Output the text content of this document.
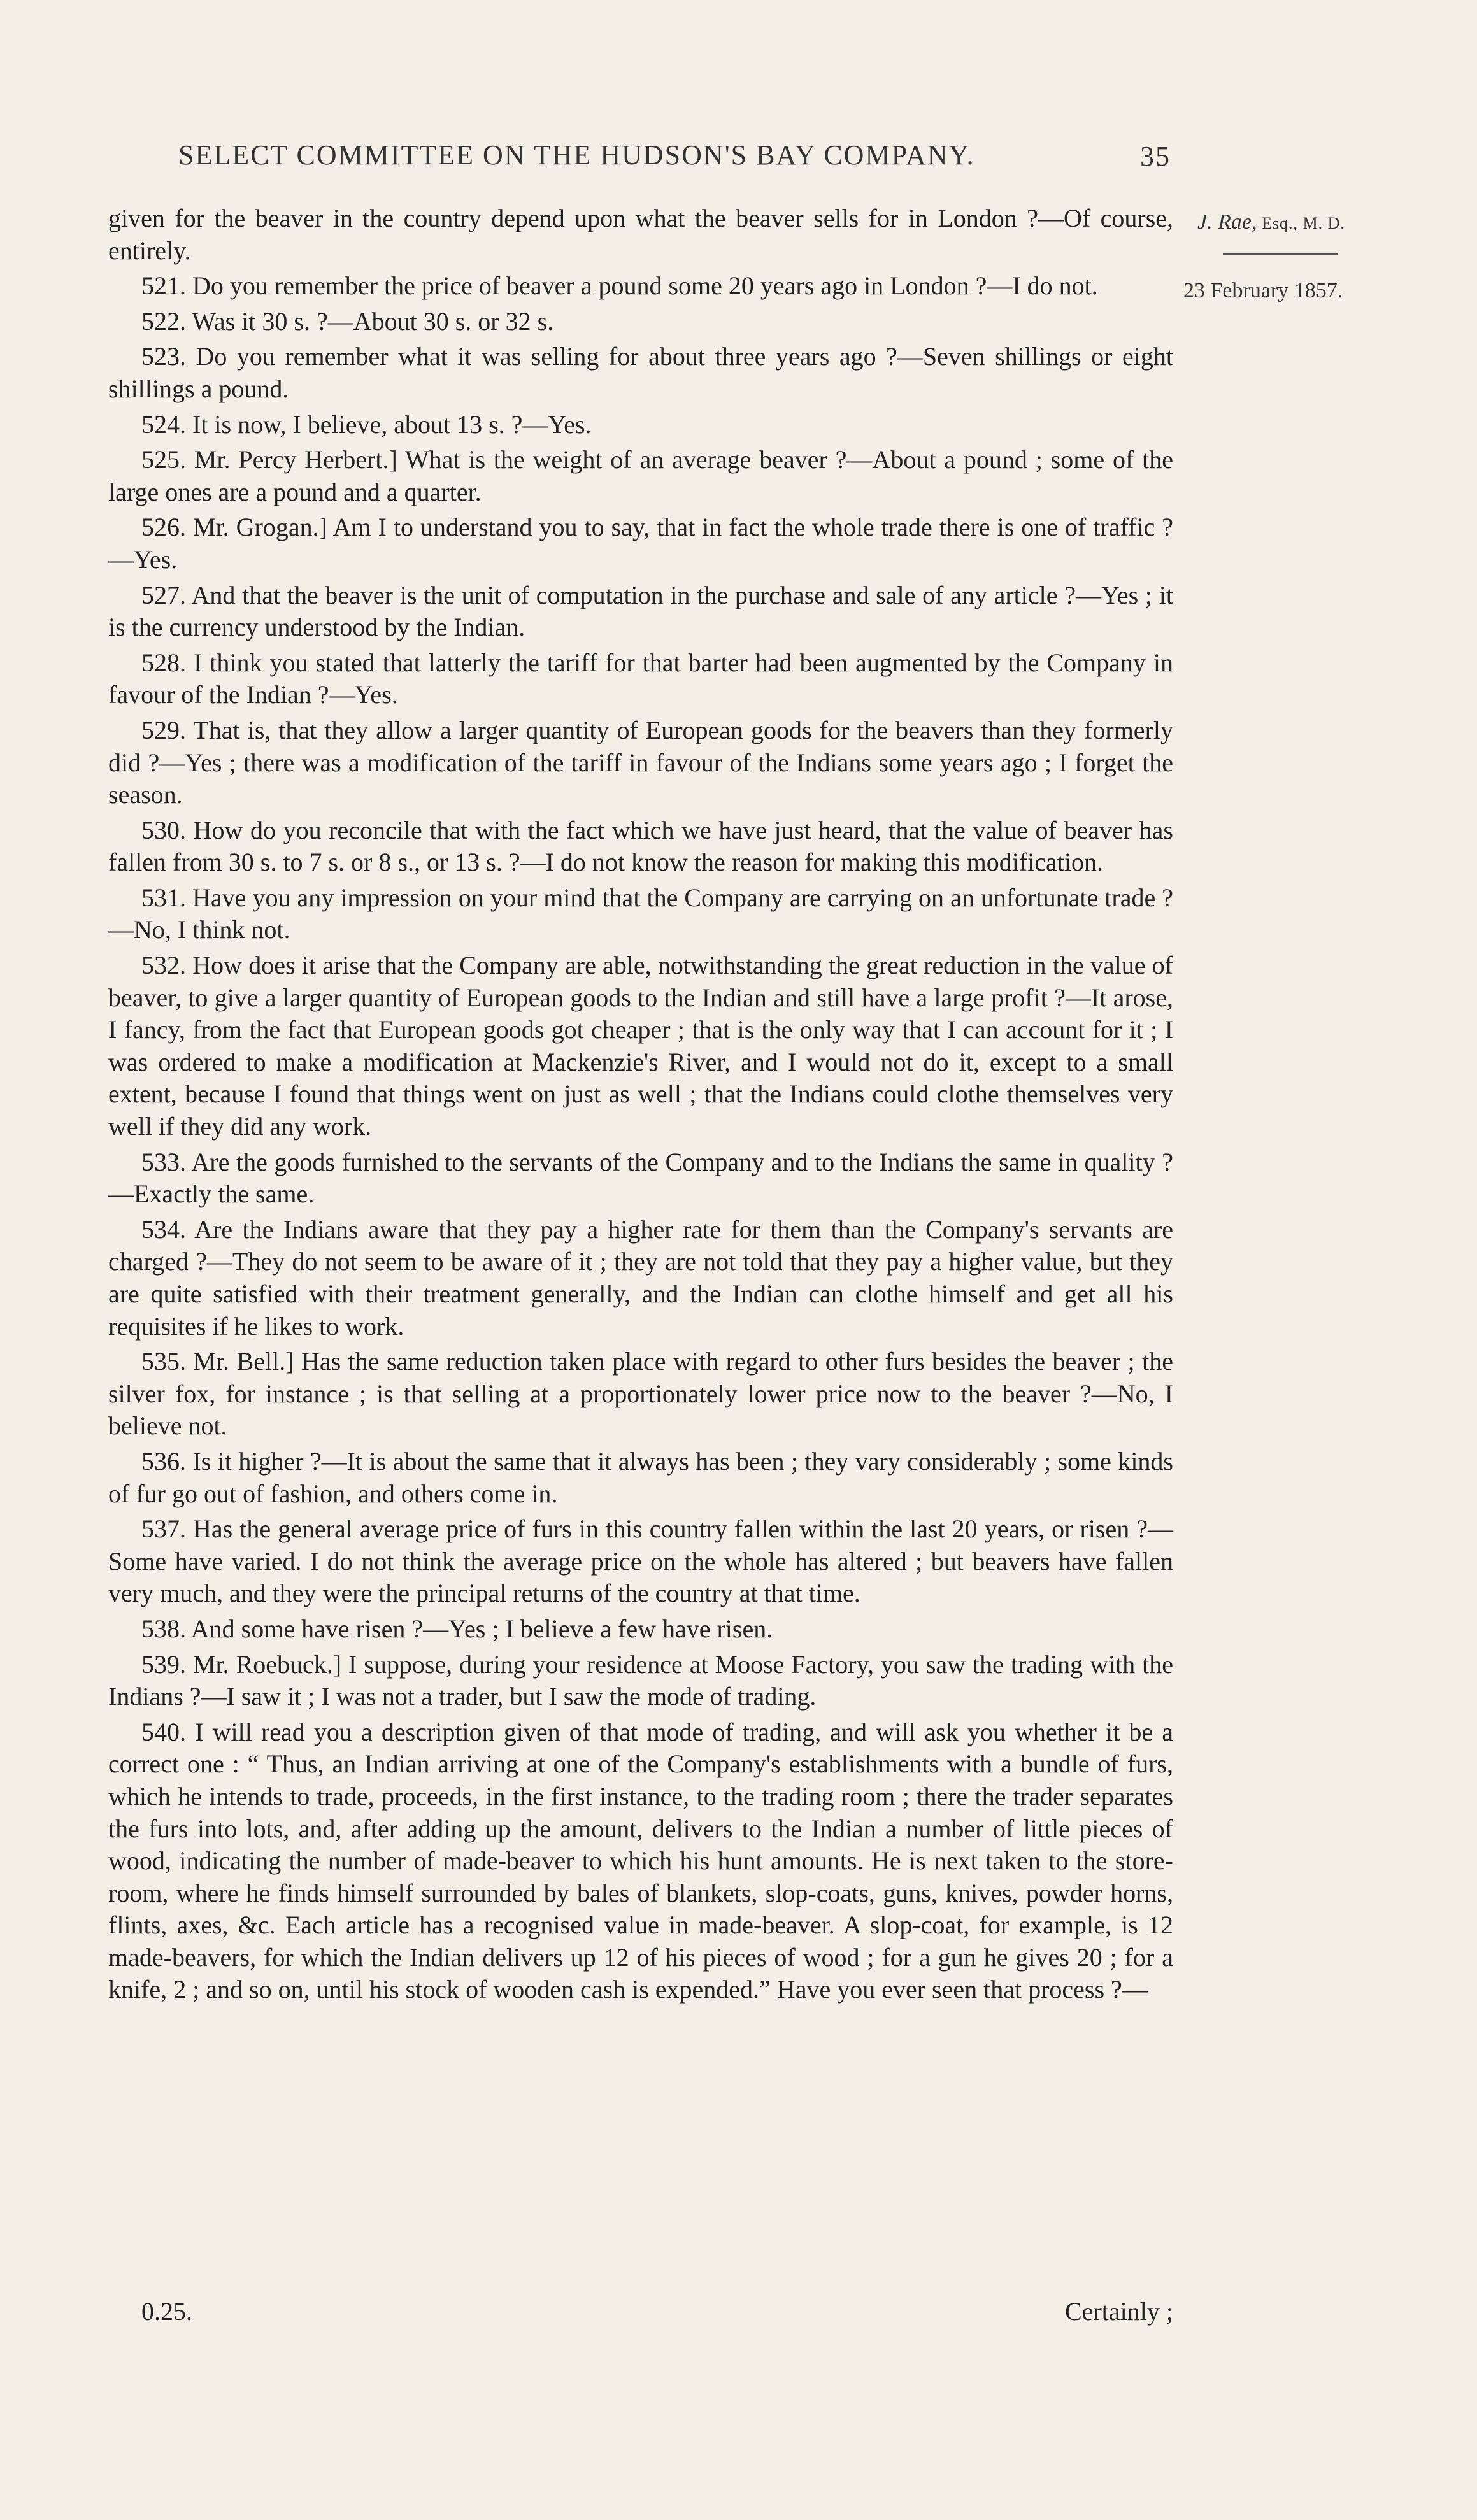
SELECT COMMITTEE ON THE HUDSON'S BAY COMPANY.	35
J. Rae, Esq., M. D.
23 February 1857.

given for the beaver in the country depend upon what the beaver sells for in London ?—Of course, entirely.

521. Do you remember the price of beaver a pound some 20 years ago in London ?—I do not.

522. Was it 30 s. ?—About 30 s. or 32 s.

523. Do you remember what it was selling for about three years ago ?—Seven shillings or eight shillings a pound.

524. It is now, I believe, about 13 s. ?—Yes.

525. Mr. Percy Herbert.] What is the weight of an average beaver ?—About a pound ; some of the large ones are a pound and a quarter.

526. Mr. Grogan.] Am I to understand you to say, that in fact the whole trade there is one of traffic ?—Yes.

527. And that the beaver is the unit of computation in the purchase and sale of any article ?—Yes ; it is the currency understood by the Indian.

528. I think you stated that latterly the tariff for that barter had been augmented by the Company in favour of the Indian ?—Yes.

529. That is, that they allow a larger quantity of European goods for the beavers than they formerly did ?—Yes ; there was a modification of the tariff in favour of the Indians some years ago ; I forget the season.

530. How do you reconcile that with the fact which we have just heard, that the value of beaver has fallen from 30 s. to 7 s. or 8 s., or 13 s. ?—I do not know the reason for making this modification.

531. Have you any impression on your mind that the Company are carrying on an unfortunate trade ?—No, I think not.

532. How does it arise that the Company are able, notwithstanding the great reduction in the value of beaver, to give a larger quantity of European goods to the Indian and still have a large profit ?—It arose, I fancy, from the fact that European goods got cheaper ; that is the only way that I can account for it ; I was ordered to make a modification at Mackenzie's River, and I would not do it, except to a small extent, because I found that things went on just as well ; that the Indians could clothe themselves very well if they did any work.

533. Are the goods furnished to the servants of the Company and to the Indians the same in quality ?—Exactly the same.

534. Are the Indians aware that they pay a higher rate for them than the Company's servants are charged ?—They do not seem to be aware of it ; they are not told that they pay a higher value, but they are quite satisfied with their treatment generally, and the Indian can clothe himself and get all his requisites if he likes to work.

535. Mr. Bell.] Has the same reduction taken place with regard to other furs besides the beaver ; the silver fox, for instance ; is that selling at a proportionately lower price now to the beaver ?—No, I believe not.

536. Is it higher ?—It is about the same that it always has been ; they vary considerably ; some kinds of fur go out of fashion, and others come in.

537. Has the general average price of furs in this country fallen within the last 20 years, or risen ?—Some have varied. I do not think the average price on the whole has altered ; but beavers have fallen very much, and they were the principal returns of the country at that time.

538. And some have risen ?—Yes ; I believe a few have risen.

539. Mr. Roebuck.] I suppose, during your residence at Moose Factory, you saw the trading with the Indians ?—I saw it ; I was not a trader, but I saw the mode of trading.

540. I will read you a description given of that mode of trading, and will ask you whether it be a correct one : “ Thus, an Indian arriving at one of the Company's establishments with a bundle of furs, which he intends to trade, proceeds, in the first instance, to the trading room ; there the trader separates the furs into lots, and, after adding up the amount, delivers to the Indian a number of little pieces of wood, indicating the number of made-beaver to which his hunt amounts. He is next taken to the store-room, where he finds himself surrounded by bales of blankets, slop-coats, guns, knives, powder horns, flints, axes, &c. Each article has a recognised value in made-beaver. A slop-coat, for example, is 12 made-beavers, for which the Indian delivers up 12 of his pieces of wood ; for a gun he gives 20 ; for a knife, 2 ; and so on, until his stock of wooden cash is expended.” Have you ever seen that process ?—

0.25.	Certainly ;
